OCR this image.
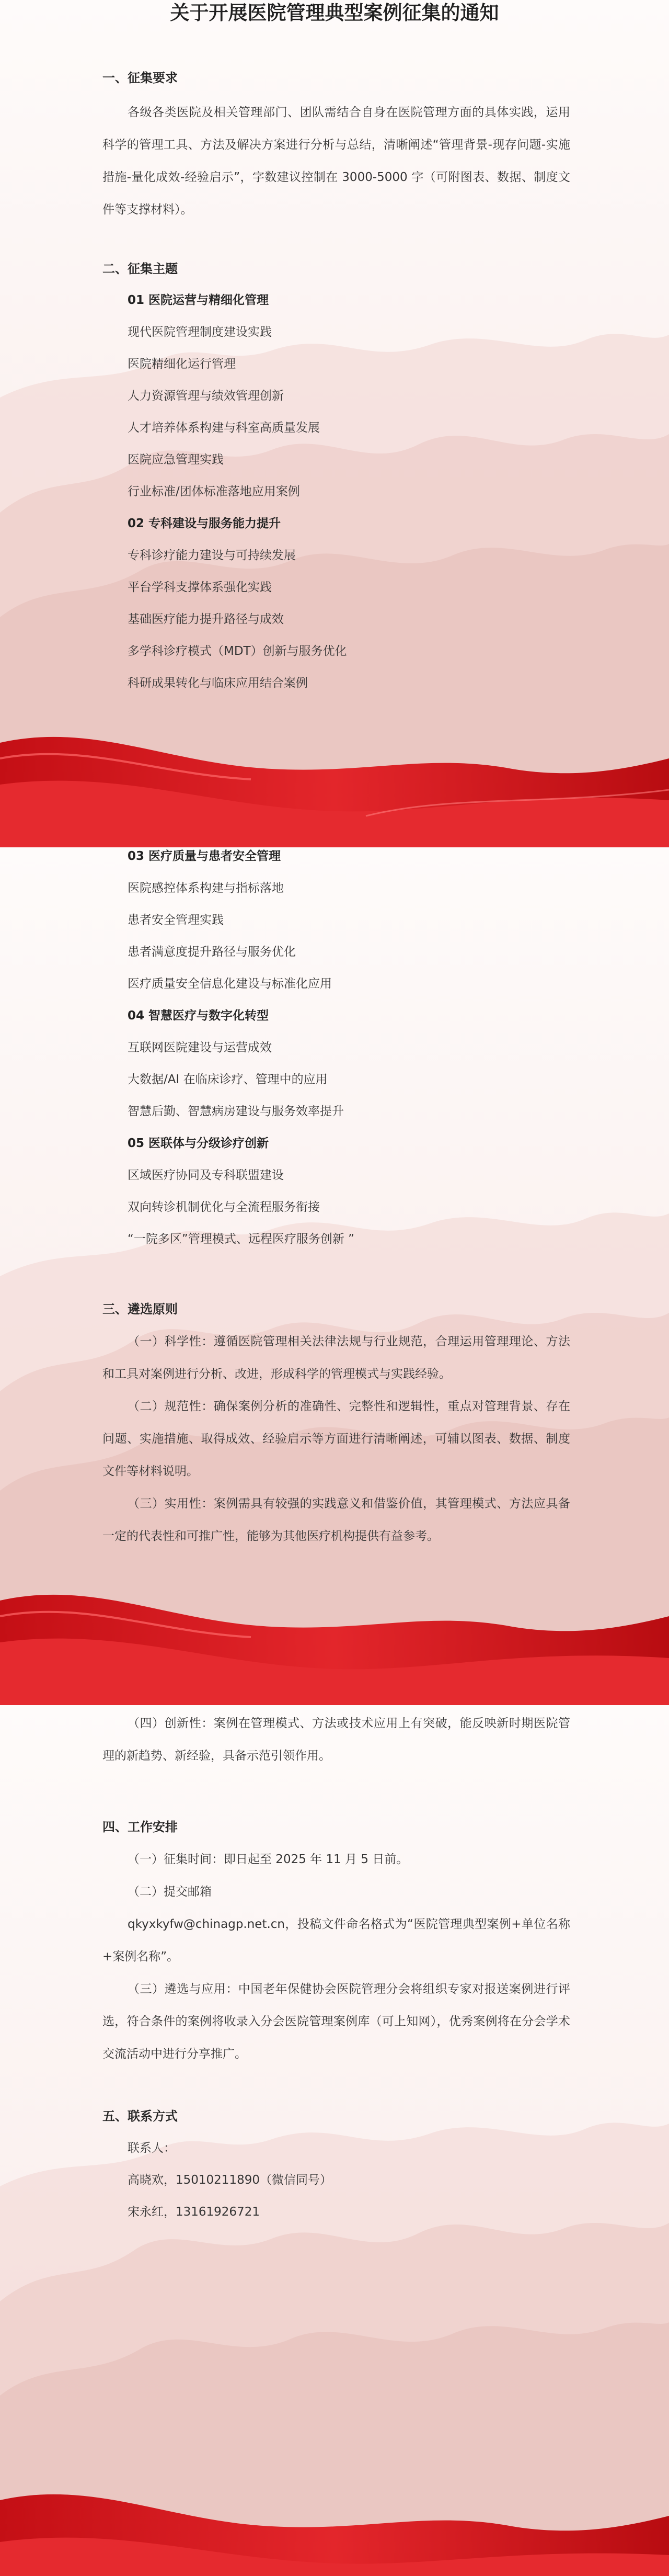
关于开展医院管理典型案例征集的通知
一、征集要求
各级各类医院及相关管理部门、团队需结合自身在医院管理方面的具体实践，运用科学的管理工具、方法及解决方案进行分析与总结，清晰阐述“管理背景-现存问题-实施措施-量化成效-经验启示”，字数建议控制在 3000-5000 字（可附图表、数据、制度文件等支撑材料）。
二、征集主题
01 医院运营与精细化管理
现代医院管理制度建设实践
医院精细化运行管理
人力资源管理与绩效管理创新
人才培养体系构建与科室高质量发展
医院应急管理实践
行业标准/团体标准落地应用案例
02 专科建设与服务能力提升
专科诊疗能力建设与可持续发展
平台学科支撑体系强化实践
基础医疗能力提升路径与成效
多学科诊疗模式（MDT）创新与服务优化
科研成果转化与临床应用结合案例
03 医疗质量与患者安全管理
医院感控体系构建与指标落地
患者安全管理实践
患者满意度提升路径与服务优化
医疗质量安全信息化建设与标准化应用
04 智慧医疗与数字化转型
互联网医院建设与运营成效
大数据/AI 在临床诊疗、管理中的应用
智慧后勤、智慧病房建设与服务效率提升
05 医联体与分级诊疗创新
区域医疗协同及专科联盟建设
双向转诊机制优化与全流程服务衔接
“一院多区”管理模式、远程医疗服务创新 ”
三、遴选原则
（一）科学性：遵循医院管理相关法律法规与行业规范，合理运用管理理论、方法和工具对案例进行分析、改进，形成科学的管理模式与实践经验。
（二）规范性：确保案例分析的准确性、完整性和逻辑性，重点对管理背景、存在问题、实施措施、取得成效、经验启示等方面进行清晰阐述，可辅以图表、数据、制度文件等材料说明。
（三）实用性：案例需具有较强的实践意义和借鉴价值，其管理模式、方法应具备一定的代表性和可推广性，能够为其他医疗机构提供有益参考。
（四）创新性：案例在管理模式、方法或技术应用上有突破，能反映新时期医院管理的新趋势、新经验，具备示范引领作用。
四、工作安排
（一）征集时间：即日起至 2025 年 11 月 5 日前。
（二）提交邮箱
qkyxkyfw@chinagp.net.cn，投稿文件命名格式为“医院管理典型案例+单位名称+案例名称”。
（三）遴选与应用：中国老年保健协会医院管理分会将组织专家对报送案例进行评选，符合条件的案例将收录入分会医院管理案例库（可上知网），优秀案例将在分会学术交流活动中进行分享推广。
五、联系方式
联系人：
高晓欢，15010211890（微信同号）
宋永红，13161926721
